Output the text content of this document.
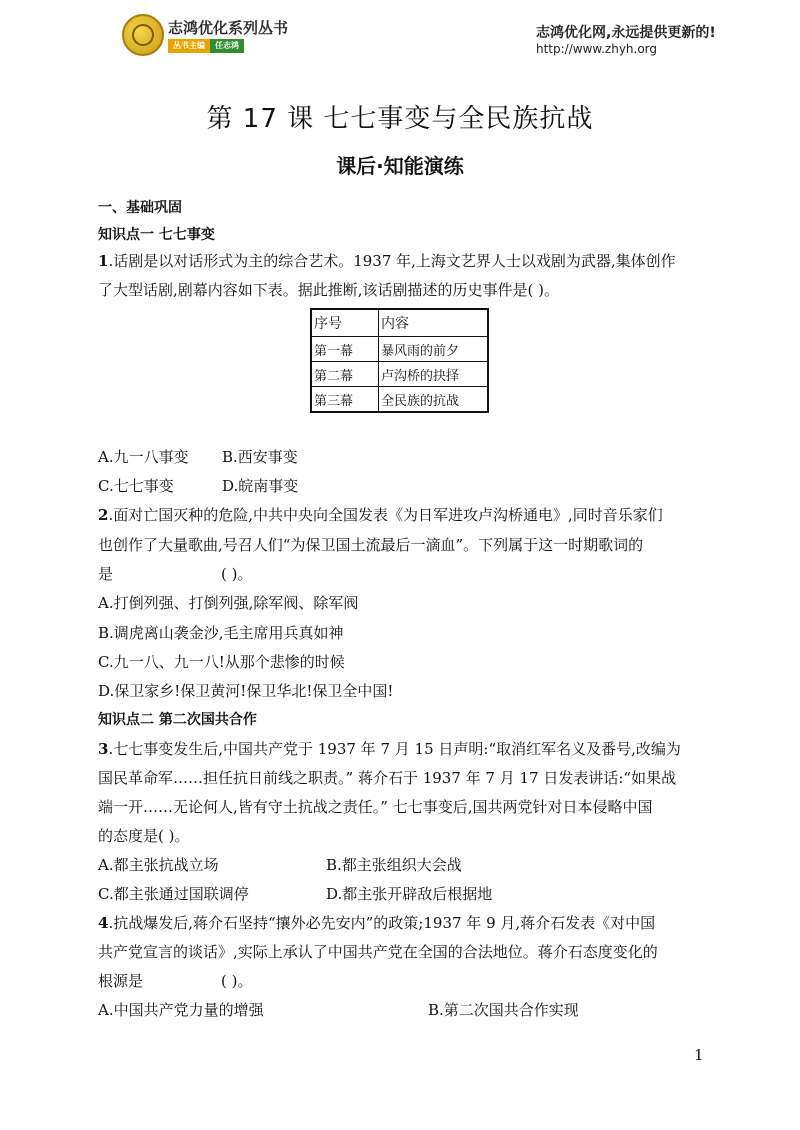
志鸿优化系列丛书
丛书主编	任志鸿
志鸿优化网,永远提供更新的!
http://www.zhyh.org
第 17 课 七七事变与全民族抗战
课后·知能演练
一、基础巩固
知识点一 七七事变
1.话剧是以对话形式为主的综合艺术。1937 年,上海文艺界人士以戏剧为武器,集体创作
了大型话剧,剧幕内容如下表。据此推断,该话剧描述的历史事件是( )。
序号	内容
第一幕	暴风雨的前夕
第二幕	卢沟桥的抉择
第三幕	全民族的抗战
A.九一八事变 B.西安事变
C.七七事变	D.皖南事变
2.面对亡国灭种的危险,中共中央向全国发表《为日军进攻卢沟桥通电》,同时音乐家们
也创作了大量歌曲,号召人们“为保卫国土流最后一滴血”。下列属于这一时期歌词的
是	( )。
A.打倒列强、打倒列强,除军阀、除军阀
B.调虎离山袭金沙,毛主席用兵真如神
C.九一八、九一八!从那个悲惨的时候
D.保卫家乡!保卫黄河!保卫华北!保卫全中国!
知识点二 第二次国共合作
3.七七事变发生后,中国共产党于 1937 年 7 月 15 日声明:“取消红军名义及番号,改编为
国民革命军……担任抗日前线之职责。” 蒋介石于 1937 年 7 月 17 日发表讲话:“如果战
端一开……无论何人,皆有守土抗战之责任。” 七七事变后,国共两党针对日本侵略中国
的态度是( )。
A.都主张抗战立场	B.都主张组织大会战
C.都主张通过国联调停	D.都主张开辟敌后根据地
4.抗战爆发后,蒋介石坚持“攘外必先安内”的政策;1937 年 9 月,蒋介石发表《对中国
共产党宣言的谈话》,实际上承认了中国共产党在全国的合法地位。蒋介石态度变化的
根源是	( )。
A.中国共产党力量的增强	B.第二次国共合作实现
1
